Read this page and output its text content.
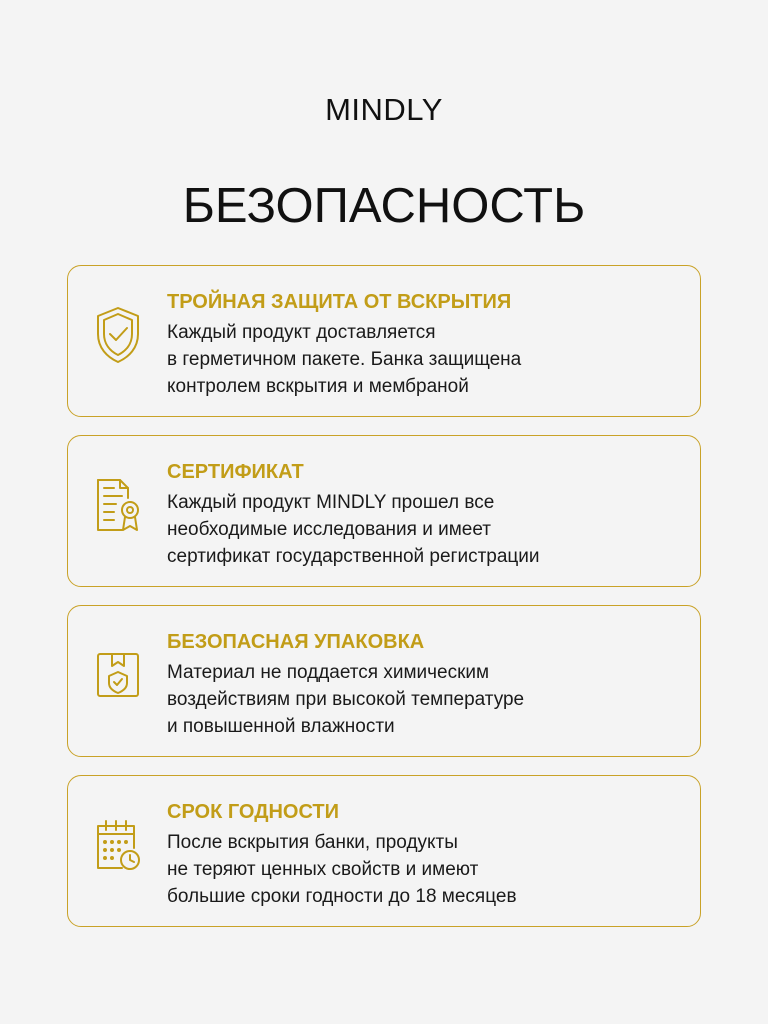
MINDLY
БЕЗОПАСНОСТЬ
ТРОЙНАЯ ЗАЩИТА ОТ ВСКРЫТИЯ
Каждый продукт доставляется
в герметичном пакете. Банка защищена
контролем вскрытия и мембраной
СЕРТИФИКАТ
Каждый продукт MINDLY прошел все
необходимые исследования и имеет
сертификат государственной регистрации
БЕЗОПАСНАЯ УПАКОВКА
Материал не поддается химическим
воздействиям при высокой температуре
и повышенной влажности
СРОК ГОДНОСТИ
После вскрытия банки, продукты
не теряют ценных свойств и имеют
большие сроки годности до 18 месяцев
